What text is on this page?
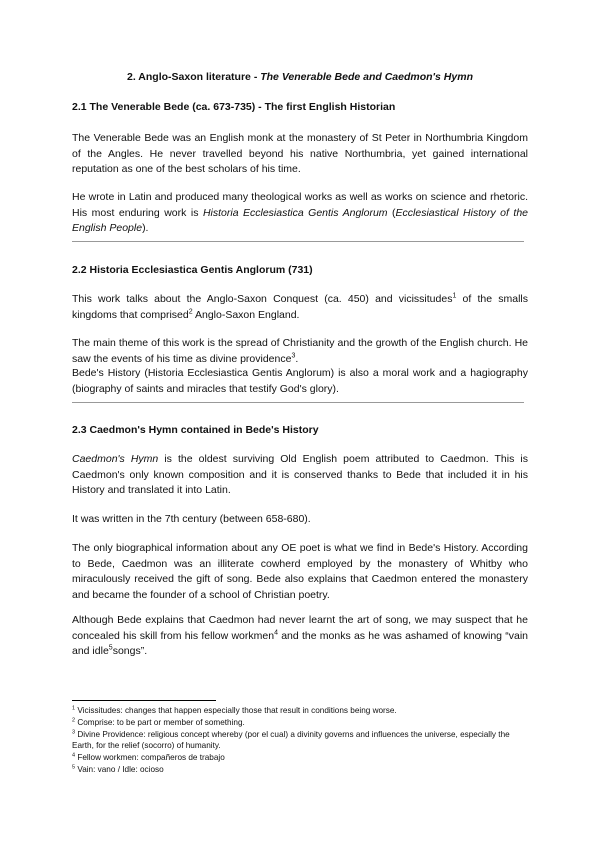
2. Anglo-Saxon literature - The Venerable Bede and Caedmon's Hymn
2.1 The Venerable Bede (ca. 673-735) - The first English Historian
The Venerable Bede was an English monk at the monastery of St Peter in Northumbria Kingdom of the Angles. He never travelled beyond his native Northumbria, yet gained international reputation as one of the best scholars of his time.
He wrote in Latin and produced many theological works as well as works on science and rhetoric. His most enduring work is Historia Ecclesiastica Gentis Anglorum (Ecclesiastical History of the English People).
2.2 Historia Ecclesiastica Gentis Anglorum (731)
This work talks about the Anglo-Saxon Conquest (ca. 450) and vicissitudes$^1$ of the smalls kingdoms that comprised$^2$ Anglo-Saxon England.
The main theme of this work is the spread of Christianity and the growth of the English church. He saw the events of his time as divine providence$^3$.
Bede's History (Historia Ecclesiastica Gentis Anglorum) is also a moral work and a hagiography (biography of saints and miracles that testify God's glory).
2.3 Caedmon's Hymn contained in Bede's History
Caedmon's Hymn is the oldest surviving Old English poem attributed to Caedmon. This is Caedmon's only known composition and it is conserved thanks to Bede that included it in his History and translated it into Latin.
It was written in the 7th century (between 658-680).
The only biographical information about any OE poet is what we find in Bede's History. According to Bede, Caedmon was an illiterate cowherd employed by the monastery of Whitby who miraculously received the gift of song. Bede also explains that Caedmon entered the monastery and became the founder of a school of Christian poetry.
Although Bede explains that Caedmon had never learnt the art of song, we may suspect that he concealed his skill from his fellow workmen$^4$ and the monks as he was ashamed of knowing “vain and idle$^5$songs”.
$^1$ Vicissitudes: changes that happen especially those that result in conditions being worse.
$^2$ Comprise: to be part or member of something.
$^3$ Divine Providence: religious concept whereby (por el cual) a divinity governs and influences the universe, especially the Earth, for the relief (socorro) of humanity.
$^4$ Fellow workmen: compañeros de trabajo
$^5$ Vain: vano / Idle: ocioso
